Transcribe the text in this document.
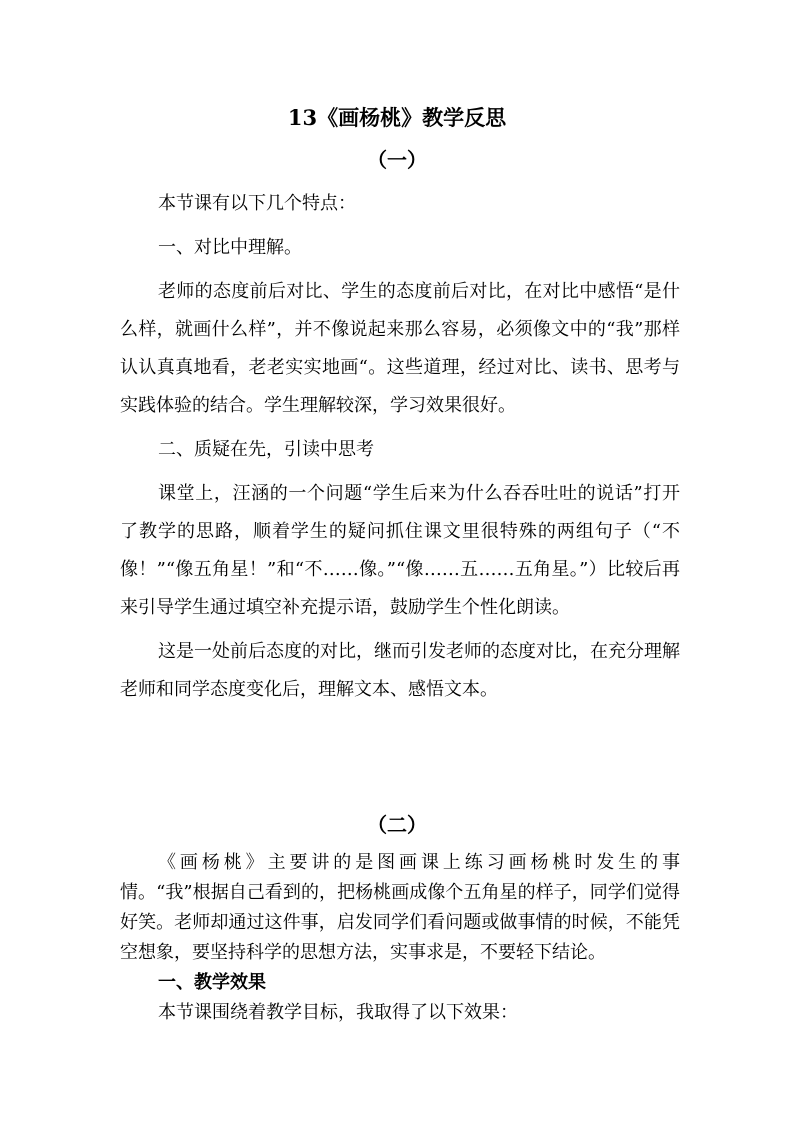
13《画杨桃》教学反思
（一）

本节课有以下几个特点：

一、对比中理解。

老师的态度前后对比、学生的态度前后对比，在对比中感悟“是什么样，就画什么样”，并不像说起来那么容易，必须像文中的“我”那样认认真真地看，老老实实地画“。这些道理，经过对比、读书、思考与实践体验的结合。学生理解较深，学习效果很好。

二、质疑在先，引读中思考

课堂上，汪涵的一个问题“学生后来为什么吞吞吐吐的说话”打开了教学的思路，顺着学生的疑问抓住课文里很特殊的两组句子（“不像！”“像五角星！”和“不……像。”“像……五……五角星。”）比较后再来引导学生通过填空补充提示语，鼓励学生个性化朗读。

这是一处前后态度的对比，继而引发老师的态度对比，在充分理解老师和同学态度变化后，理解文本、感悟文本。

（二）

《画杨桃》主要讲的是图画课上练习画杨桃时发生的事情。“我”根据自己看到的，把杨桃画成像个五角星的样子，同学们觉得好笑。老师却通过这件事，启发同学们看问题或做事情的时候，不能凭空想象，要坚持科学的思想方法，实事求是，不要轻下结论。

一、教学效果

本节课围绕着教学目标，我取得了以下效果：
